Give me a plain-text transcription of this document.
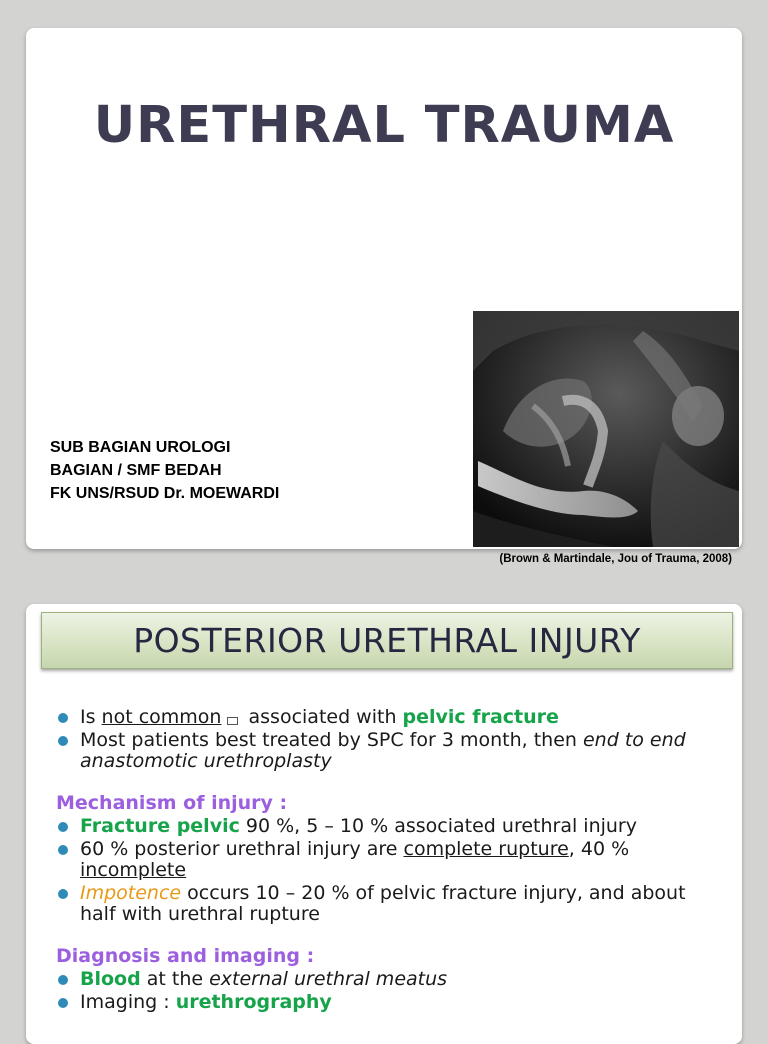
URETHRAL TRAUMA
SUB BAGIAN UROLOGI
BAGIAN / SMF BEDAH
FK UNS/RSUD Dr. MOEWARDI
(Brown & Martindale, Jou of Trauma, 2008)
POSTERIOR URETHRAL INJURY
Is not common associated with pelvic fracture
Most patients best treated by SPC for 3 month, then end to end anastomotic urethroplasty
Mechanism of injury :
Fracture pelvic 90 %, 5 – 10 % associated urethral injury
60 % posterior urethral injury are complete rupture, 40 % incomplete
Impotence occurs 10 – 20 % of pelvic fracture injury, and about half with urethral rupture
Diagnosis and imaging :
Blood at the external urethral meatus
Imaging : urethrography
